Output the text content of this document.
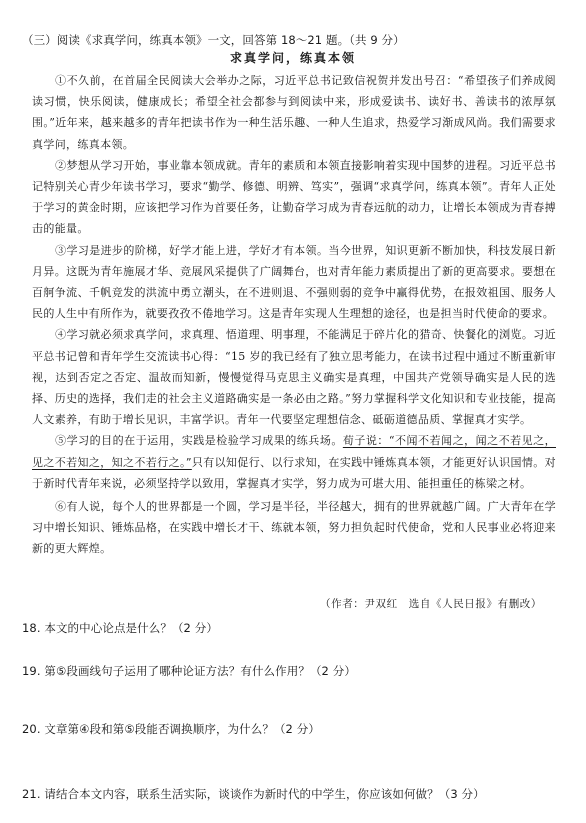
（三）阅读《求真学问，练真本领》一文，回答第 18～21 题。（共 9 分）
求真学问，练真本领

①不久前，在首届全民阅读大会举办之际，习近平总书记致信祝贺并发出号召：“希望孩子们养成阅读习惯，快乐阅读，健康成长；希望全社会都参与到阅读中来，形成爱读书、读好书、善读书的浓厚氛围。”近年来，越来越多的青年把读书作为一种生活乐趣、一种人生追求，热爱学习渐成风尚。我们需要求真学问，练真本领。

②梦想从学习开始，事业靠本领成就。青年的素质和本领直接影响着实现中国梦的进程。习近平总书记特别关心青少年读书学习，要求“勤学、修德、明辨、笃实”，强调“求真学问，练真本领”。青年人正处于学习的黄金时期，应该把学习作为首要任务，让勤奋学习成为青春远航的动力，让增长本领成为青春搏击的能量。

③学习是进步的阶梯，好学才能上进，学好才有本领。当今世界，知识更新不断加快，科技发展日新月异。这既为青年施展才华、竞展风采提供了广阔舞台，也对青年能力素质提出了新的更高要求。要想在百舸争流、千帆竞发的洪流中勇立潮头，在不进则退、不强则弱的竞争中赢得优势，在报效祖国、服务人民的人生中有所作为，就要孜孜不倦地学习。这是青年实现人生理想的途径，也是担当时代使命的要求。

④学习就必须求真学问，求真理、悟道理、明事理，不能满足于碎片化的猎奇、快餐化的浏览。习近平总书记曾和青年学生交流读书心得：“15 岁的我已经有了独立思考能力，在读书过程中通过不断重新审视，达到否定之否定、温故而知新，慢慢觉得马克思主义确实是真理，中国共产党领导确实是人民的选择、历史的选择，我们走的社会主义道路确实是一条必由之路。”努力掌握科学文化知识和专业技能，提高人文素养，有助于增长见识，丰富学识。青年一代要坚定理想信念、砥砺道德品质、掌握真才实学。

⑤学习的目的在于运用，实践是检验学习成果的练兵场。荀子说：“不闻不若闻之，闻之不若见之，见之不若知之，知之不若行之。”只有以知促行、以行求知，在实践中锤炼真本领，才能更好认识国情。对于新时代青年来说，必须坚持学以致用，掌握真才实学，努力成为可堪大用、能担重任的栋梁之材。

⑥有人说，每个人的世界都是一个圆，学习是半径，半径越大，拥有的世界就越广阔。广大青年在学习中增长知识、锤炼品格，在实践中增长才干、练就本领，努力担负起时代使命，党和人民事业必将迎来新的更大辉煌。

（作者：尹双红　选自《人民日报》有删改）
18. 本文的中心论点是什么？（2 分）
19. 第⑤段画线句子运用了哪种论证方法？有什么作用？（2 分）
20. 文章第④段和第⑤段能否调换顺序，为什么？（2 分）
21. 请结合本文内容，联系生活实际，谈谈作为新时代的中学生，你应该如何做？（3 分）
